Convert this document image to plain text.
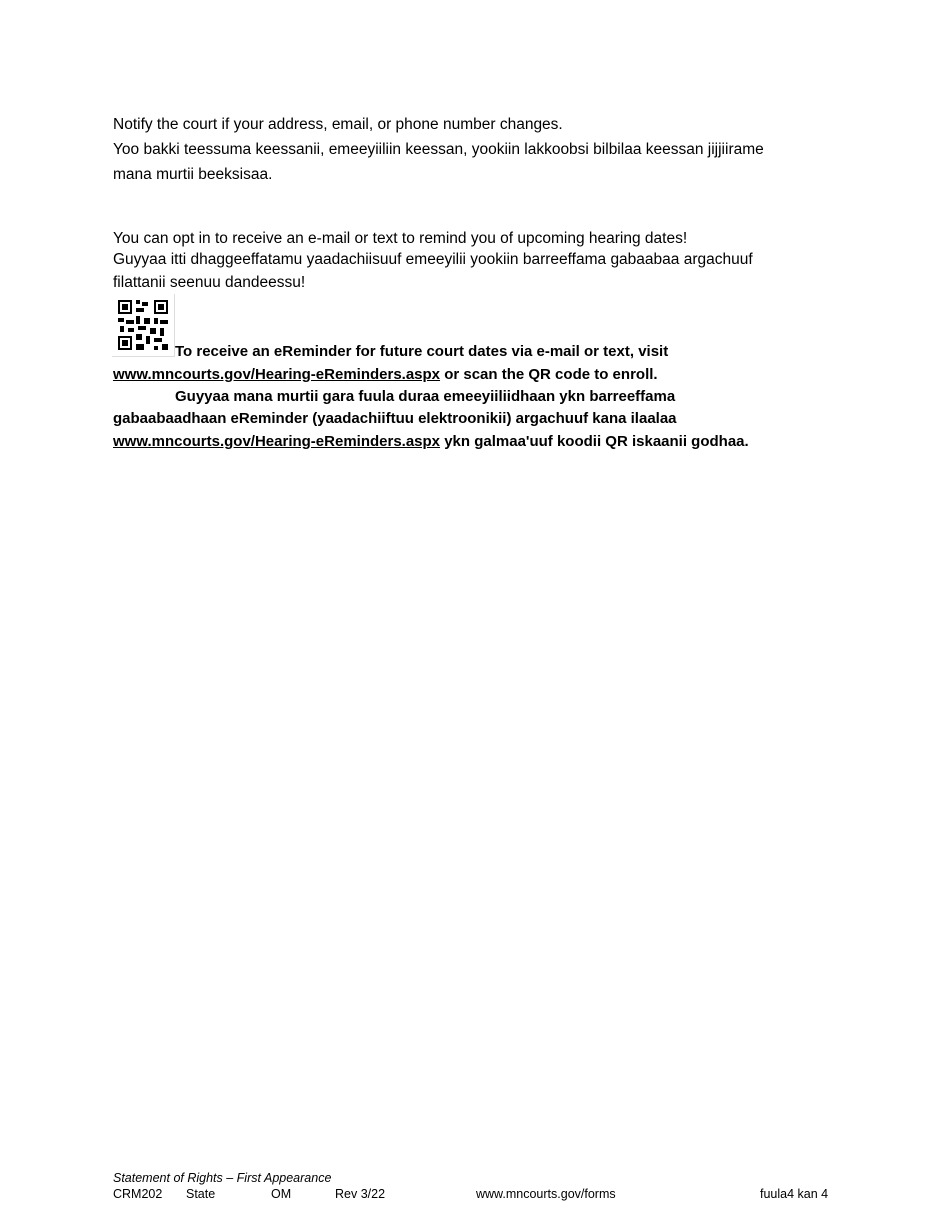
Notify the court if your address, email, or phone number changes.
Yoo bakki teessuma keessanii, emeeyiiliin keessan, yookiin lakkoobsi bilbilaa keessan jijjiirame
mana murtii beeksisaa.
You can opt in to receive an e-mail or text to remind you of upcoming hearing dates!
Guyyaa itti dhaggeeffatamu yaadachiisuuf emeeyilii yookiin barreeffama gabaabaa argachuuf
filattanii seenuu dandeessu!
To receive an eReminder for future court dates via e-mail or text, visit
www.mncourts.gov/Hearing-eReminders.aspx or scan the QR code to enroll.
Guyyaa mana murtii gara fuula duraa emeeyiiliidhaan ykn barreeffama
gabaabaadhaan eReminder (yaadachiiftuu elektroonikii) argachuuf kana ilaalaa
www.mncourts.gov/Hearing-eReminders.aspx ykn galmaa'uuf koodii QR iskaanii godhaa.
Statement of Rights – First Appearance
CRM202 State	OM	Rev 3/22	www.mncourts.gov/forms	fuula4 kan 4
